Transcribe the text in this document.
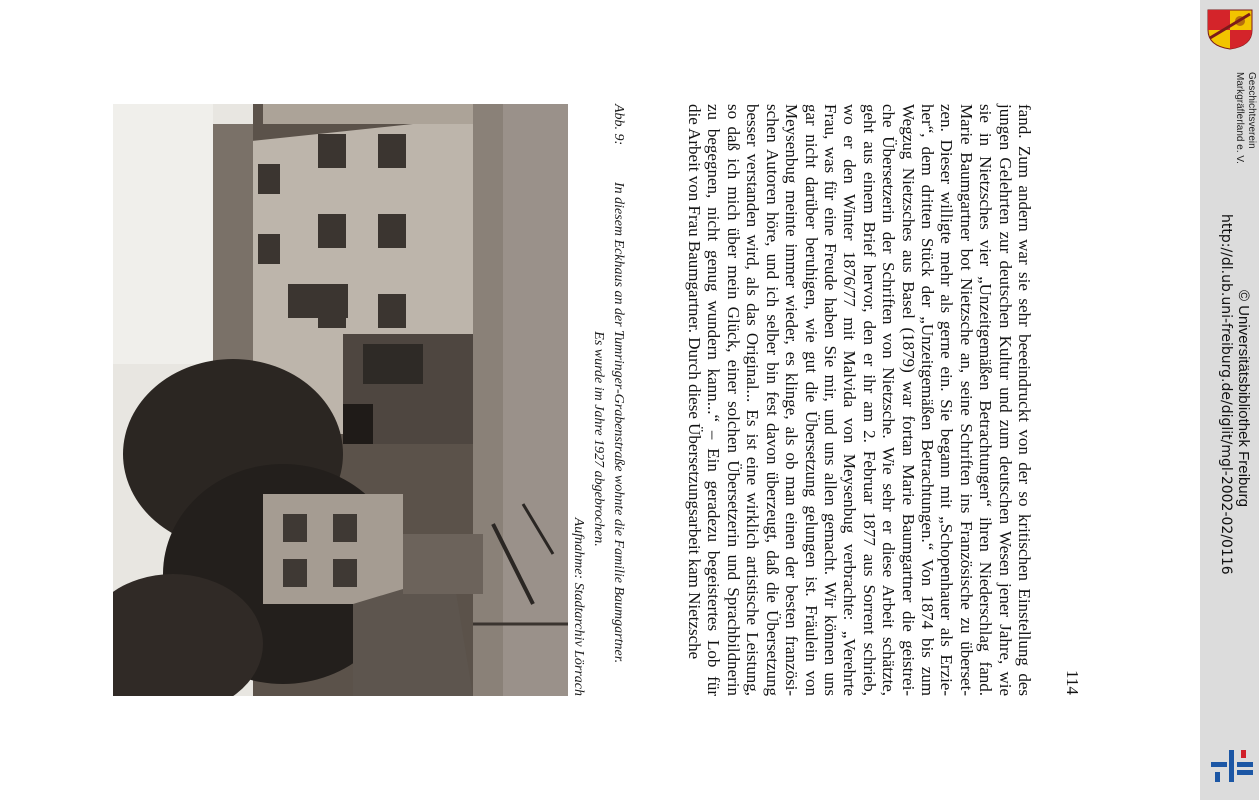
Abb. 9:
In diesem Eckhaus an der Tumringer-Grabenstraße wohnte die Familie Baumgartner.
Es wurde im Jahre 1927 abgebrochen.
Aufnahme: Stadtarchiv Lörrach	fand. Zum andern war sie sehr beeeindruckt von der so kritischen Einstellung des
jungen Gelehrten zur deutschen Kultur und zum deutschen Wesen jener Jahre, wie
sie in Nietzsches vier „Unzeitgemäßen Betrachtungen“ ihren Niederschlag fand.
Marie Baumgartner bot Nietzsche an, seine Schriften ins Französische zu überset-
zen. Dieser willigte mehr als gerne ein. Sie begann mit „Schopenhauer als Erzie-
her“, dem dritten Stück der „Unzeitgemäßen Betrachtungen.“ Von 1874 bis zum
Wegzug Nietzsches aus Basel (1879) war fortan Marie Baumgartner die geistrei-
che Übersetzerin der Schriften von Nietzsche. Wie sehr er diese Arbeit schätzte,
geht aus einem Brief hervor, den er ihr am 2. Februar 1877 aus Sorrent schrieb,
wo er den Winter 1876/77 mit Malvida von Meysenbug verbrachte: „Verehrte
Frau, was für eine Freude haben Sie mir, und uns allen gemacht. Wir können uns
gar nicht darüber beruhigen, wie gut die Übersetzung gelungen ist. Fräulein von
Meysenbug meinte immer wieder, es klinge, als ob man einen der besten französi-
schen Autoren höre, und ich selber bin fest davon überzeugt, daß die Übersetzung
besser verstanden wird, als das Original... Es ist eine wirklich artistische Leistung,
so daß ich mich über mein Glück, einer solchen Übersetzerin und Sprachbildnerin
zu begegnen, nicht genug wundern kann...“ – Ein geradezu begeistertes Lob für
die Arbeit von Frau Baumgartner. Durch diese Übersetzungsarbeit kam Nietzsche
114
Geschichtsverein
Markgräflerland e. V.
© Universitätsbibliothek Freiburg
http://dl.ub.uni-freiburg.de/diglit/mgl-2002-02/0116
